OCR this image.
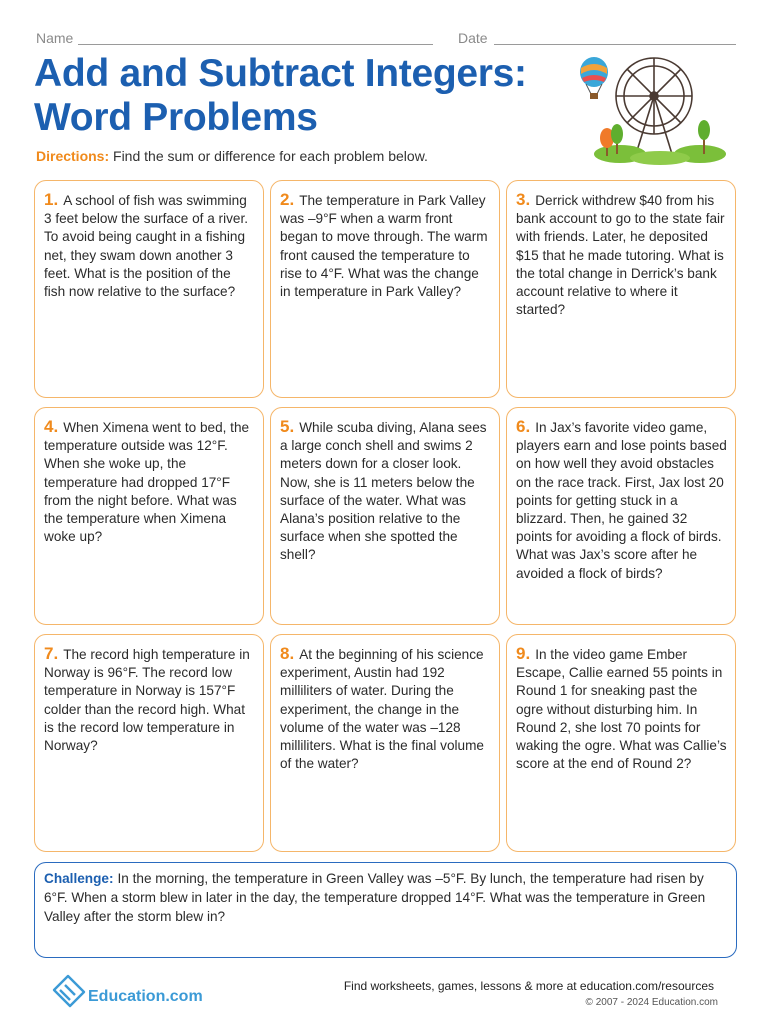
Name	Date
Add and Subtract Integers:
Word Problems
Directions: Find the sum or difference for each problem below.
1. A school of fish was swimming 3 feet below the surface of a river. To avoid being caught in a fishing net, they swam down another 3 feet. What is the position of the fish now relative to the surface?
2. The temperature in Park Valley was –9°F when a warm front began to move through. The warm front caused the temperature to rise to 4°F. What was the change in temperature in Park Valley?
3. Derrick withdrew $40 from his bank account to go to the state fair with friends. Later, he deposited $15 that he made tutoring. What is the total change in Derrick’s bank account relative to where it started?
4. When Ximena went to bed, the temperature outside was 12°F. When she woke up, the temperature had dropped 17°F from the night before. What was the temperature when Ximena woke up?
5. While scuba diving, Alana sees a large conch shell and swims 2 meters down for a closer look. Now, she is 11 meters below the surface of the water. What was Alana’s position relative to the surface when she spotted the shell?
6. In Jax’s favorite video game, players earn and lose points based on how well they avoid obstacles on the race track. First, Jax lost 20 points for getting stuck in a blizzard. Then, he gained 32 points for avoiding a flock of birds. What was Jax’s score after he avoided a flock of birds?
7. The record high temperature in Norway is 96°F. The record low temperature in Norway is 157°F colder than the record high. What is the record low temperature in Norway?
8. At the beginning of his science experiment, Austin had 192 milliliters of water. During the experiment, the change in the volume of the water was –128 milliliters. What is the final volume of the water?
9. In the video game Ember Escape, Callie earned 55 points in Round 1 for sneaking past the ogre without disturbing him. In Round 2, she lost 70 points for waking the ogre. What was Callie’s score at the end of Round 2?
Challenge: In the morning, the temperature in Green Valley was –5°F. By lunch, the temperature had risen by 6°F. When a storm blew in later in the day, the temperature dropped 14°F. What was the temperature in Green Valley after the storm blew in?
Education.com
Find worksheets, games, lessons & more at education.com/resources
© 2007 - 2024 Education.com
